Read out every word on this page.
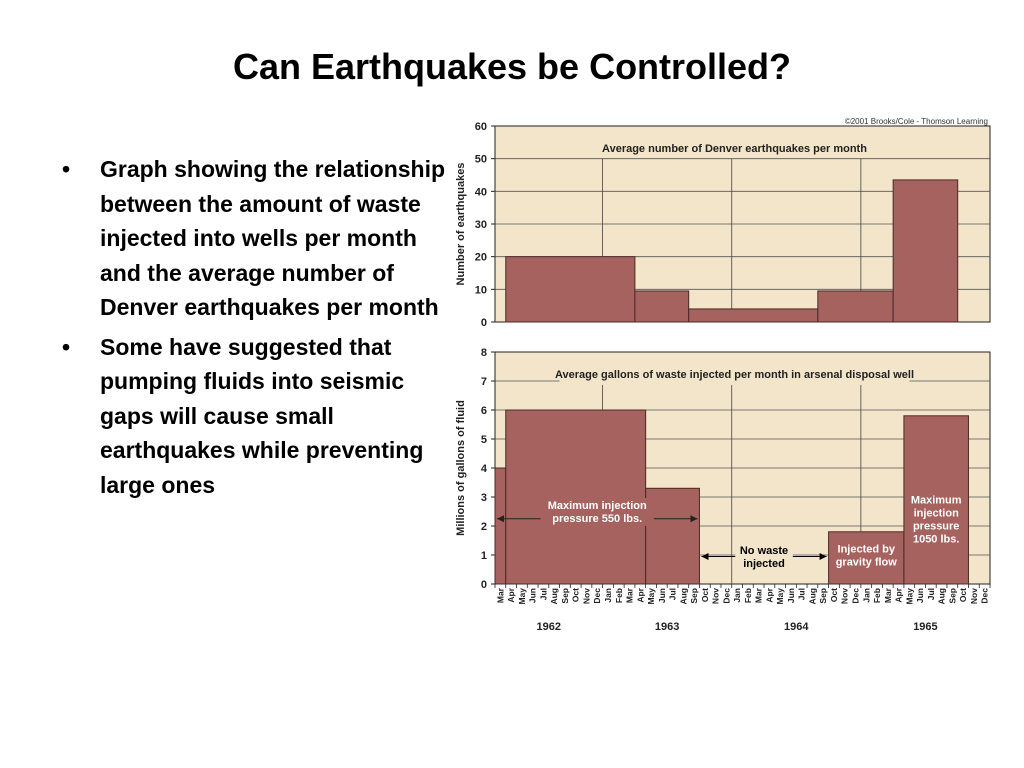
Can Earthquakes be Controlled?
• Graph showing the relationship between the amount of waste injected into wells per month and the average number of Denver earthquakes per month
• Some have suggested that pumping fluids into seismic gaps will cause small earthquakes while preventing large ones
0
10
20
30
40
50
60
Average number of Denver earthquakes per month
Number of earthquakes
0
1
2
3
4
5
6
7
8
Average gallons of waste injected per month in arsenal disposal well
Millions of gallons of fluid	Maximum injection
pressure 550 lbs.
No waste
injected
Injected by
gravity flow
Maximum
injection
pressure
1050 lbs.
Mar Apr May Jun Jul Aug Sep Oct Nov Dec Jan Feb Mar Apr May Jun Jul Aug Sep Oct Nov Dec Jan Feb Mar Apr May Jun Jul Aug Sep Oct Nov Dec Jan Feb Mar Apr May Jun Jul Aug Sep Oct Nov Dec
1962	1963	1964	1965
©2001 Brooks/Cole - Thomson Learning
